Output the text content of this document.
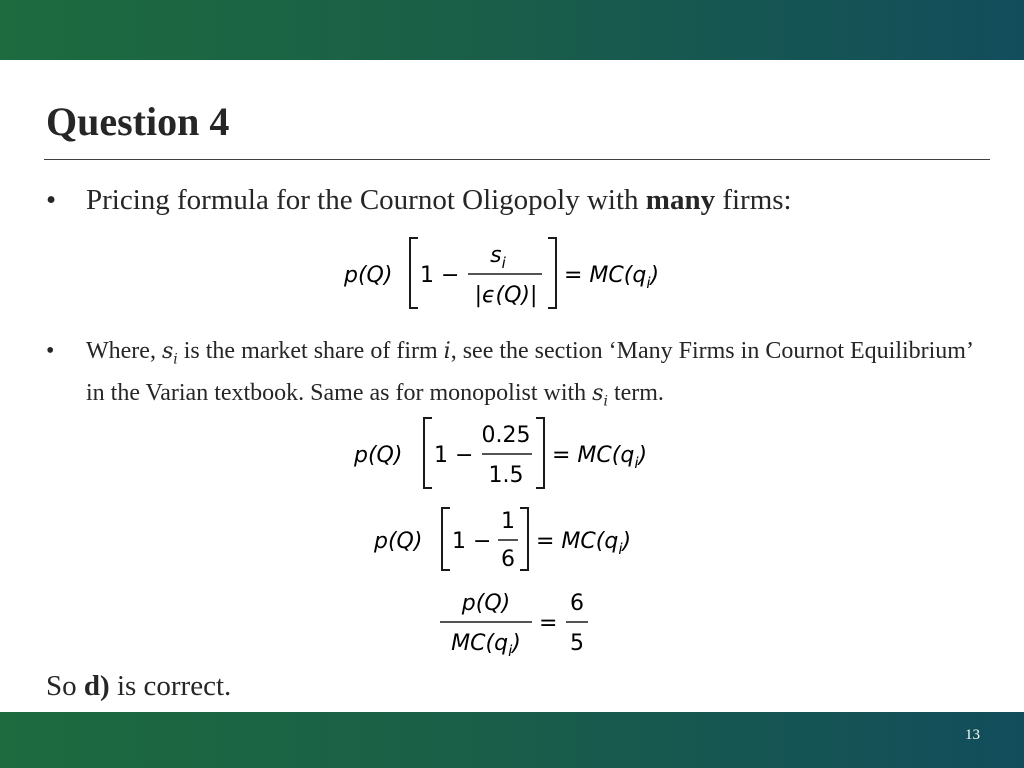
Question 4
• Pricing formula for the Cournot Oligopoly with many firms:
p(Q) 1 −
$s_i$
|ϵ(Q)|
= $MC(q_i)$
• Where, $s_i$ is the market share of firm i, see the section ‘Many Firms in Cournot Equilibrium’ in the Varian textbook. Same as for monopolist with $s_i$ term.
p(Q) 1 −
0.25
1.5
= $MC(q_i)$
p(Q) 1 −
1
6
= $MC(q_i)$
p(Q)
$MC(q_i)$
=
6
5
So d) is correct.
13
